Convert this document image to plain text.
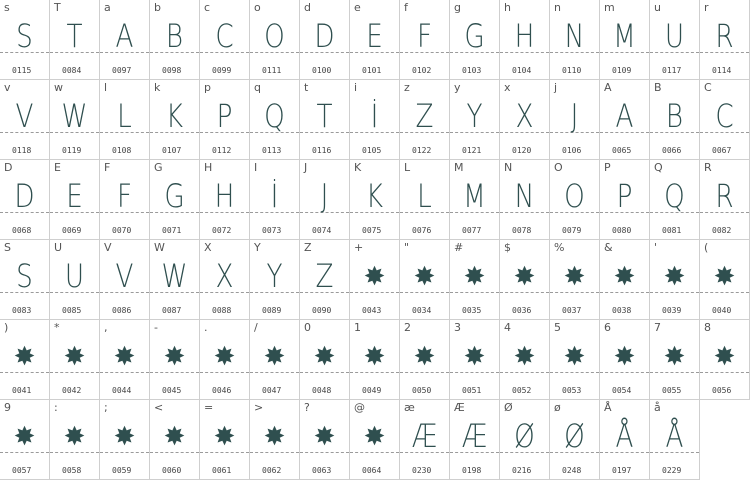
s
S
0115
T
T
0084
a
A
0097
b
B
0098
c
C
0099
o
O
0111
d
D
0100
e
E
0101
f
F
0102
g
G
0103
h
H
0104
n
N
0110
m
M
0109
u
U
0117
r
R
0114
v
V
0118
w
W
0119
l
L
0108
k
K
0107
p
P
0112
q
Q
0113
t
T
0116
i
İ
0105
z
Z
0122
y
Y
0121
x
X
0120
j
J
0106
A
A
0065
B
B
0066
C
C
0067
D
D
0068
E
E
0069
F
F
0070
G
G
0071
H
H
0072
I
İ
0073
J
J
0074
K
K
0075
L
L
0076
M
M
0077
N
N
0078
O
O
0079
P
P
0080
Q
Q
0081
R
R
0082
S
S
0083
U
U
0085
V
V
0086
W
W
0087
X
X
0088
Y
Y
0089
Z
Z
0090
+
✸
0043
"
✸
0034
#
✸
0035
$
✸
0036
%
✸
0037
&
✸
0038
'
✸
0039
(
✸
0040
)
✸
0041
*
✸
0042
,
✸
0044
-
✸
0045
.
✸
0046
/
✸
0047
0
✸
0048
1
✸
0049
2
✸
0050
3
✸
0051
4
✸
0052
5
✸
0053
6
✸
0054
7
✸
0055
8
✸
0056
9
✸
0057
:
✸
0058
;
✸
0059
<
✸
0060
=
✸
0061
>
✸
0062
?
✸
0063
@
✸
0064
æ
Æ
0230
Æ
Æ
0198
Ø
Ø
0216
ø
Ø
0248
Å
Å
0197
å
Å
0229
